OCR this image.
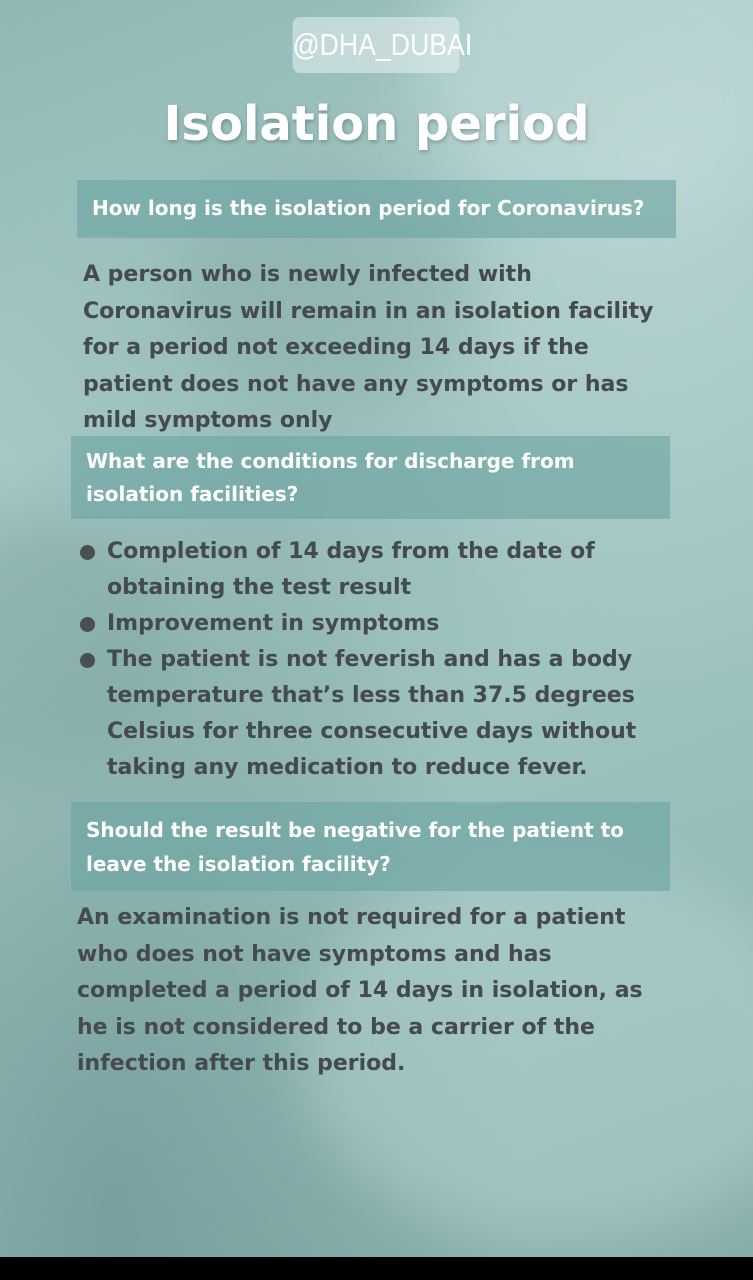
@DHA_DUBAI
Isolation period
How long is the isolation period for Coronavirus?
A person who is newly infected with Coronavirus will remain in an isolation facility for a period not exceeding 14 days if the patient does not have any symptoms or has mild symptoms only
What are the conditions for discharge from isolation facilities?
Completion of 14 days from the date of obtaining the test result
Improvement in symptoms
The patient is not feverish and has a body temperature that’s less than 37.5 degrees Celsius for three consecutive days without taking any medication to reduce fever.
Should the result be negative for the patient to leave the isolation facility?
An examination is not required for a patient who does not have symptoms and has completed a period of 14 days in isolation, as he is not considered to be a carrier of the infection after this period.
